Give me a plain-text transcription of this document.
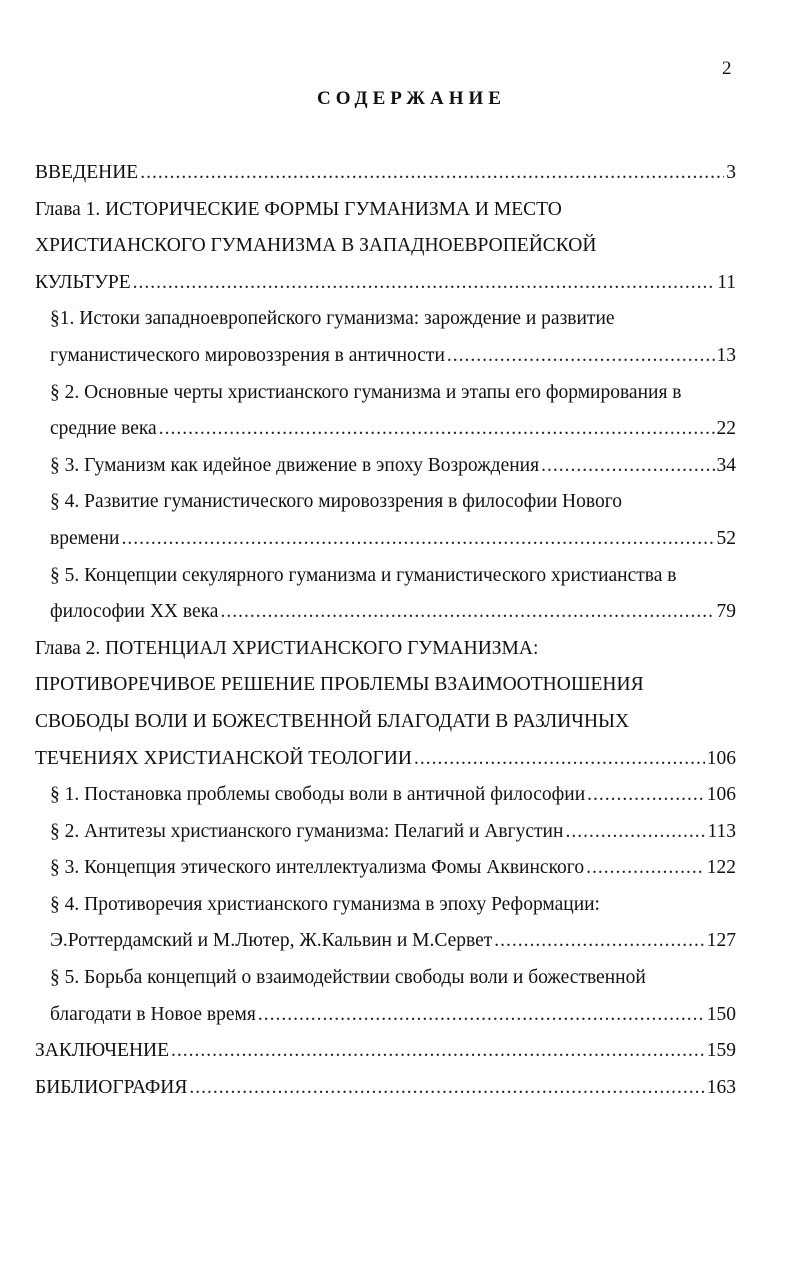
2
СОДЕРЖАНИЕ
ВВЕДЕНИЕ .....	3
Глава 1. ИСТОРИЧЕСКИЕ ФОРМЫ ГУМАНИЗМА И МЕСТО
ХРИСТИАНСКОГО ГУМАНИЗМА В ЗАПАДНОЕВРОПЕЙСКОЙ
КУЛЬТУРЕ .....	11
§1. Истоки западноевропейского гуманизма: зарождение и развитие
гуманистического мировоззрения в античности .....	13
§ 2. Основные черты христианского гуманизма и этапы его формирования в
средние века .....	22
§ 3. Гуманизм как идейное движение в эпоху Возрождения .....	34
§ 4. Развитие гуманистического мировоззрения в философии Нового
времени .....	52
§ 5. Концепции секулярного гуманизма и гуманистического христианства в
философии XX века .....	79
Глава 2. ПОТЕНЦИАЛ ХРИСТИАНСКОГО ГУМАНИЗМА:
ПРОТИВОРЕЧИВОЕ РЕШЕНИЕ ПРОБЛЕМЫ ВЗАИМООТНОШЕНИЯ
СВОБОДЫ ВОЛИ И БОЖЕСТВЕННОЙ БЛАГОДАТИ В РАЗЛИЧНЫХ
ТЕЧЕНИЯХ ХРИСТИАНСКОЙ ТЕОЛОГИИ .....	106
§ 1. Постановка проблемы свободы воли в античной философии .....	106
§ 2. Антитезы христианского гуманизма: Пелагий и Августин .....	113
§ 3. Концепция этического интеллектуализма Фомы Аквинского .....	122
§ 4. Противоречия христианского гуманизма в эпоху Реформации:
Э.Роттердамский и М.Лютер, Ж.Кальвин и М.Сервет .....	127
§ 5. Борьба концепций о взаимодействии свободы воли и божественной
благодати в Новое время .....	150
ЗАКЛЮЧЕНИЕ .....	159
БИБЛИОГРАФИЯ .....	163
